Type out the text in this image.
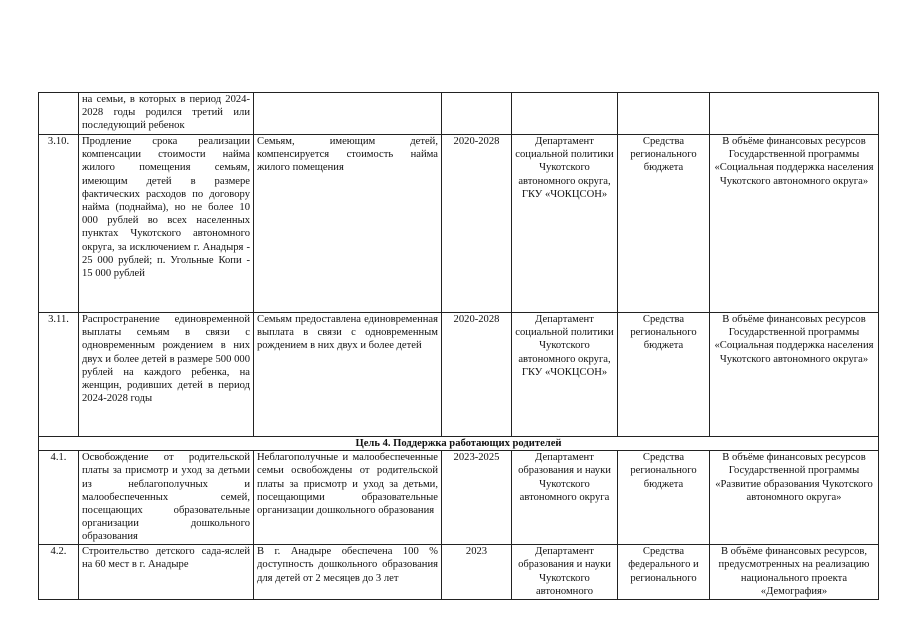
	на семьи, в которых в период 2024-2028 годы родился третий или последующий ребенок					
3.10.	Продление срока реализации компенсации стоимости найма жилого помещения семьям, имеющим детей в размере фактических расходов по договору найма (поднайма), но не более 10 000 рублей во всех населенных пунктах Чукотского автономного округа, за исключением г. Анадыря - 25 000 рублей; п. Угольные Копи - 15 000 рублей	Семьям, имеющим детей, компенсируется стоимость найма жилого помещения	2020-2028	Департамент социальной политики Чукотского автономного округа, ГКУ «ЧОКЦСОН»	Средства регионального бюджета	В объёме финансовых ресурсов Государственной программы «Социальная поддержка населения Чукотского автономного округа»
3.11.	Распространение единовременной выплаты семьям в связи с одновременным рождением в них двух и более детей в размере 500 000 рублей на каждого ребенка, на женщин, родивших детей в период 2024-2028 годы	Семьям предоставлена единовременная выплата в связи с одновременным рождением в них двух и более детей	2020-2028	Департамент социальной политики Чукотского автономного округа, ГКУ «ЧОКЦСОН»	Средства регионального бюджета	В объёме финансовых ресурсов Государственной программы «Социальная поддержка населения Чукотского автономного округа»
Цель 4. Поддержка работающих родителей						
4.1.	Освобождение от родительской платы за присмотр и уход за детьми из неблагополучных и малообеспеченных семей, посещающих образовательные организации дошкольного образования	Неблагополучные и малообеспеченные семьи освобождены от родительской платы за присмотр и уход за детьми, посещающими образовательные организации дошкольного образования	2023-2025	Департамент образования и науки Чукотского автономного округа	Средства регионального бюджета	В объёме финансовых ресурсов Государственной программы «Развитие образования Чукотского автономного округа»
4.2.	Строительство детского сада-яслей на 60 мест в г. Анадыре	В г. Анадыре обеспечена 100 % доступность дошкольного образования для детей от 2 месяцев до 3 лет	2023	Департамент образования и науки Чукотского автономного	Средства федерального и регионального	В объёме финансовых ресурсов, предусмотренных на реализацию национального проекта «Демография»
